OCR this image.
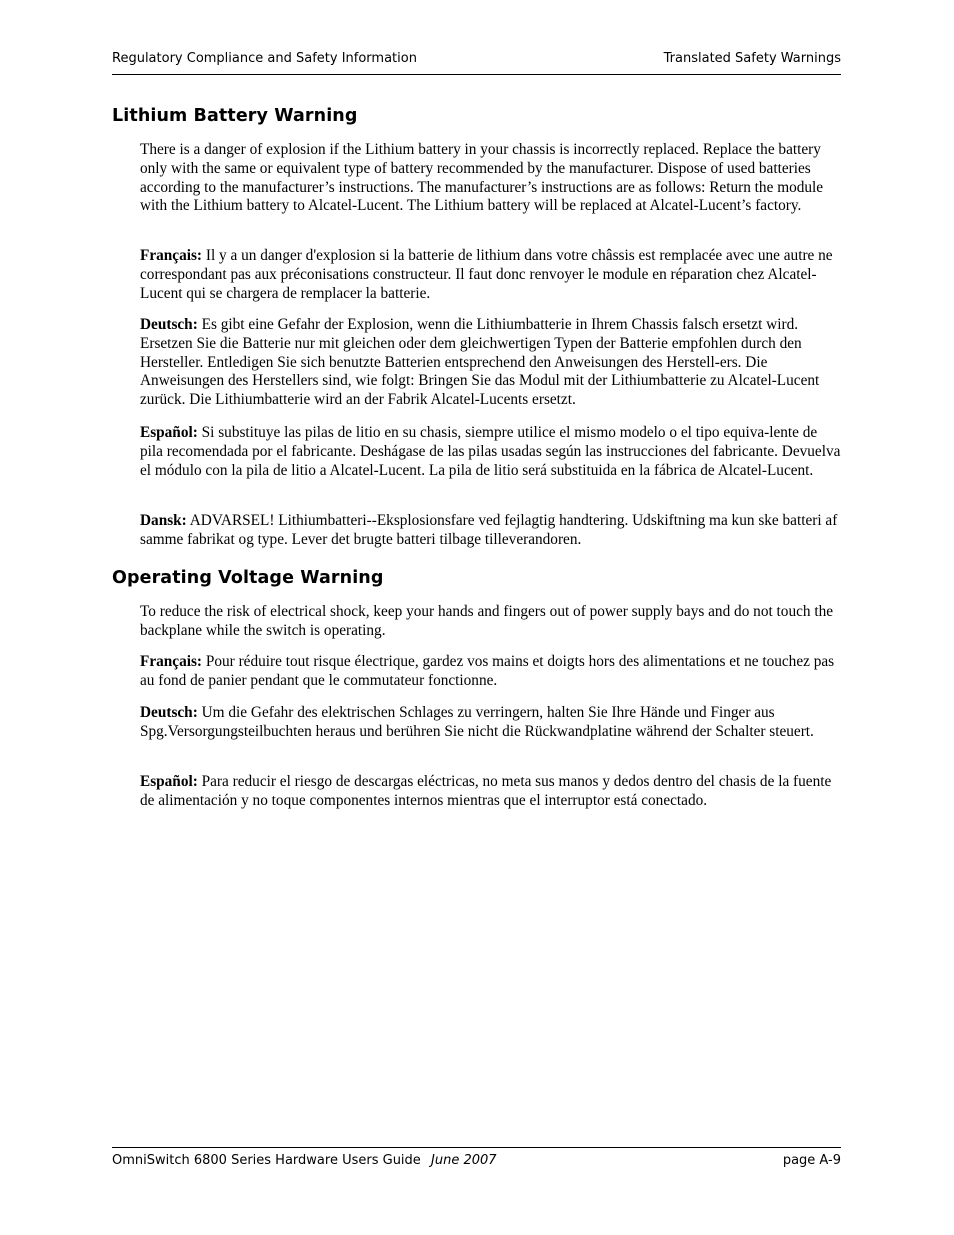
Regulatory Compliance and Safety Information	Translated Safety Warnings
Lithium Battery Warning

There is a danger of explosion if the Lithium battery in your chassis is incorrectly replaced. Replace the battery only with the same or equivalent type of battery recommended by the manufacturer. Dispose of used batteries according to the manufacturer’s instructions. The manufacturer’s instructions are as follows: Return the module with the Lithium battery to Alcatel-Lucent. The Lithium battery will be replaced at Alcatel-Lucent’s factory.

Français: Il y a un danger d'explosion si la batterie de lithium dans votre châssis est remplacée avec une autre ne correspondant pas aux préconisations constructeur. Il faut donc renvoyer le module en réparation chez Alcatel-Lucent qui se chargera de remplacer la batterie.

Deutsch: Es gibt eine Gefahr der Explosion, wenn die Lithiumbatterie in Ihrem Chassis falsch ersetzt wird. Ersetzen Sie die Batterie nur mit gleichen oder dem gleichwertigen Typen der Batterie empfohlen durch den Hersteller. Entledigen Sie sich benutzte Batterien entsprechend den Anweisungen des Herstell-ers. Die Anweisungen des Herstellers sind, wie folgt: Bringen Sie das Modul mit der Lithiumbatterie zu Alcatel-Lucent zurück. Die Lithiumbatterie wird an der Fabrik Alcatel-Lucents ersetzt.

Español: Si substituye las pilas de litio en su chasis, siempre utilice el mismo modelo o el tipo equiva-lente de pila recomendada por el fabricante. Deshágase de las pilas usadas según las instrucciones del fabricante. Devuelva el módulo con la pila de litio a Alcatel-Lucent. La pila de litio será substituida en la fábrica de Alcatel-Lucent.

Dansk: ADVARSEL! Lithiumbatteri--Eksplosionsfare ved fejlagtig handtering. Udskiftning ma kun ske batteri af samme fabrikat og type. Lever det brugte batteri tilbage tilleverandoren.

Operating Voltage Warning

To reduce the risk of electrical shock, keep your hands and fingers out of power supply bays and do not touch the backplane while the switch is operating.

Français: Pour réduire tout risque électrique, gardez vos mains et doigts hors des alimentations et ne touchez pas au fond de panier pendant que le commutateur fonctionne.

Deutsch: Um die Gefahr des elektrischen Schlages zu verringern, halten Sie Ihre Hände und Finger aus Spg.Versorgungsteilbuchten heraus und berühren Sie nicht die Rückwandplatine während der Schalter steuert.

Español: Para reducir el riesgo de descargas eléctricas, no meta sus manos y dedos dentro del chasis de la fuente de alimentación y no toque componentes internos mientras que el interruptor está conectado.

OmniSwitch 6800 Series Hardware Users Guide June 2007	page A-9
